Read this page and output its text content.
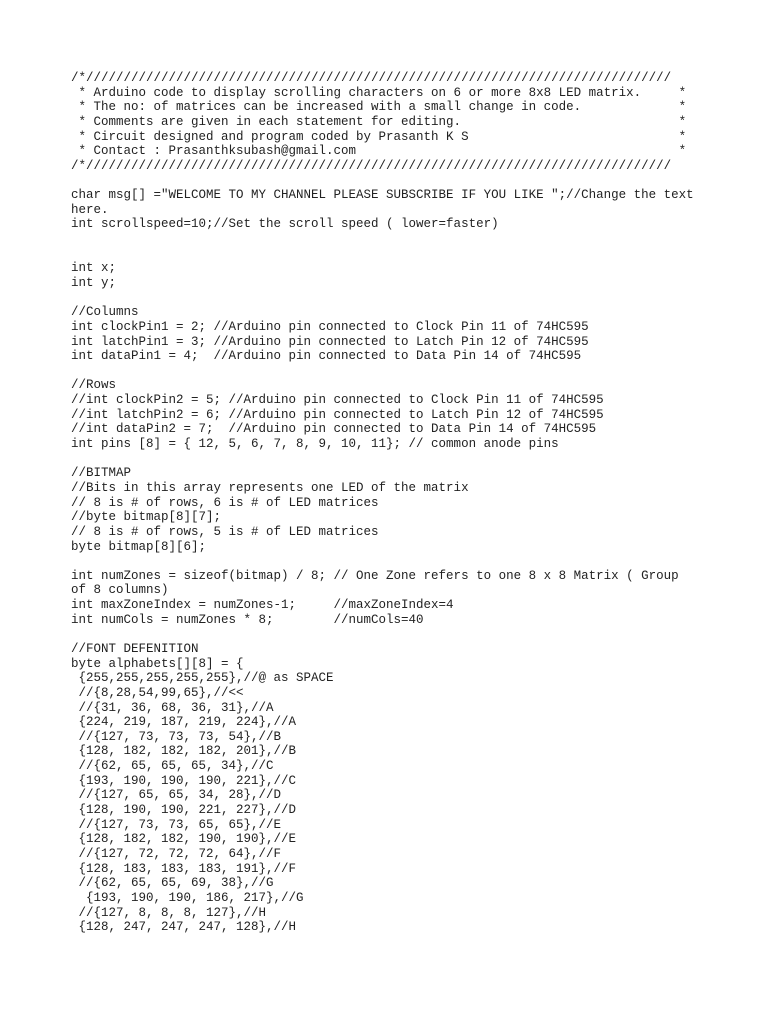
/*//////////////////////////////////////////////////////////////////////////////
* Arduino code to display scrolling characters on 6 or more 8x8 LED matrix.     *
* The no: of matrices can be increased with a small change in code.             *
* Comments are given in each statement for editing.                             *
* Circuit designed and program coded by Prasanth K S                            *
* Contact : Prasanthksubash@gmail.com                                           *
/*//////////////////////////////////////////////////////////////////////////////
char msg[] ="WELCOME TO MY CHANNEL PLEASE SUBSCRIBE IF YOU LIKE ";//Change the text
here.
int scrollspeed=10;//Set the scroll speed ( lower=faster)
int x;
int y;
//Columns
int clockPin1 = 2; //Arduino pin connected to Clock Pin 11 of 74HC595
int latchPin1 = 3; //Arduino pin connected to Latch Pin 12 of 74HC595
int dataPin1 = 4;  //Arduino pin connected to Data Pin 14 of 74HC595
//Rows
//int clockPin2 = 5; //Arduino pin connected to Clock Pin 11 of 74HC595
//int latchPin2 = 6; //Arduino pin connected to Latch Pin 12 of 74HC595
//int dataPin2 = 7;  //Arduino pin connected to Data Pin 14 of 74HC595
int pins [8] = { 12, 5, 6, 7, 8, 9, 10, 11}; // common anode pins
//BITMAP
//Bits in this array represents one LED of the matrix
// 8 is # of rows, 6 is # of LED matrices
//byte bitmap[8][7];
// 8 is # of rows, 5 is # of LED matrices
byte bitmap[8][6];
int numZones = sizeof(bitmap) / 8; // One Zone refers to one 8 x 8 Matrix ( Group
of 8 columns)
int maxZoneIndex = numZones-1;     //maxZoneIndex=4
int numCols = numZones * 8;        //numCols=40
//FONT DEFENITION
byte alphabets[][8] = {
{255,255,255,255,255},//@ as SPACE
//{8,28,54,99,65},//<<
//{31, 36, 68, 36, 31},//A
{224, 219, 187, 219, 224},//A
//{127, 73, 73, 73, 54},//B
{128, 182, 182, 182, 201},//B
//{62, 65, 65, 65, 34},//C
{193, 190, 190, 190, 221},//C
//{127, 65, 65, 34, 28},//D
{128, 190, 190, 221, 227},//D
//{127, 73, 73, 65, 65},//E
{128, 182, 182, 190, 190},//E
//{127, 72, 72, 72, 64},//F
{128, 183, 183, 183, 191},//F
//{62, 65, 65, 69, 38},//G
{193, 190, 190, 186, 217},//G
//{127, 8, 8, 8, 127},//H
{128, 247, 247, 247, 128},//H
